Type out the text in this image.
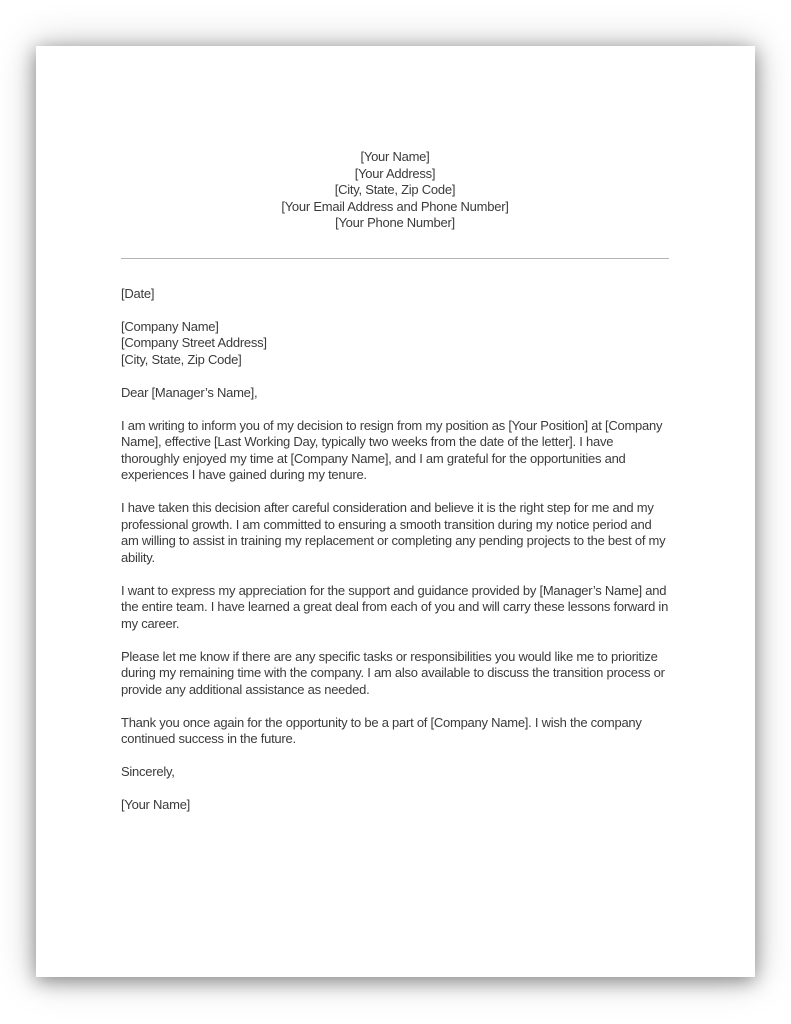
[Your Name]
[Your Address]
[City, State, Zip Code]
[Your Email Address and Phone Number]
[Your Phone Number]
[Date]
[Company Name]
[Company Street Address]
[City, State, Zip Code]
Dear [Manager’s Name],

I am writing to inform you of my decision to resign from my position as [Your Position] at [Company Name], effective [Last Working Day, typically two weeks from the date of the letter]. I have thoroughly enjoyed my time at [Company Name], and I am grateful for the opportunities and experiences I have gained during my tenure.

I have taken this decision after careful consideration and believe it is the right step for me and my professional growth. I am committed to ensuring a smooth transition during my notice period and am willing to assist in training my replacement or completing any pending projects to the best of my ability.

I want to express my appreciation for the support and guidance provided by [Manager’s Name] and the entire team. I have learned a great deal from each of you and will carry these lessons forward in my career.

Please let me know if there are any specific tasks or responsibilities you would like me to prioritize during my remaining time with the company. I am also available to discuss the transition process or provide any additional assistance as needed.

Thank you once again for the opportunity to be a part of [Company Name]. I wish the company continued success in the future.

Sincerely,
[Your Name]
